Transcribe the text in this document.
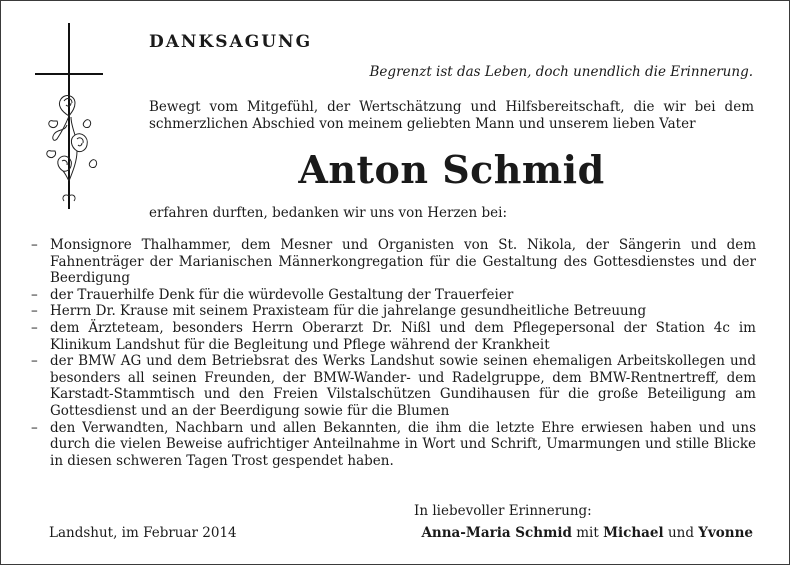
DANKSAGUNG
Begrenzt ist das Leben, doch unendlich die Erinnerung.
Bewegt vom Mitgefühl, der Wertschätzung und Hilfsbereitschaft, die wir bei dem schmerzlichen Abschied von meinem geliebten Mann und unserem lieben Vater
Anton Schmid
erfahren durften, bedanken wir uns von Herzen bei:
– Monsignore Thalhammer, dem Mesner und Organisten von St. Nikola, der Sängerin und dem Fahnenträger der Marianischen Männerkongregation für die Gestaltung des Gottesdienstes und der Beerdigung
– der Trauerhilfe Denk für die würdevolle Gestaltung der Trauerfeier
– Herrn Dr. Krause mit seinem Praxisteam für die jahrelange gesundheitliche Betreuung
– dem Ärzteteam, besonders Herrn Oberarzt Dr. Nißl und dem Pflegepersonal der Station 4c im Klinikum Landshut für die Begleitung und Pflege während der Krankheit
– der BMW AG und dem Betriebsrat des Werks Landshut sowie seinen ehemaligen Arbeitskollegen und besonders all seinen Freunden, der BMW-Wander- und Radelgruppe, dem BMW-Rentnertreff, dem Karstadt-Stammtisch und den Freien Vilstalschützen Gundihausen für die große Beteiligung am Gottesdienst und an der Beerdigung sowie für die Blumen
– den Verwandten, Nachbarn und allen Bekannten, die ihm die letzte Ehre erwiesen haben und uns durch die vielen Beweise aufrichtiger Anteilnahme in Wort und Schrift, Umarmungen und stille Blicke in diesen schweren Tagen Trost gespendet haben.
In liebevoller Erinnerung:
Landshut, im Februar 2014	Anna-Maria Schmid mit Michael und Yvonne
